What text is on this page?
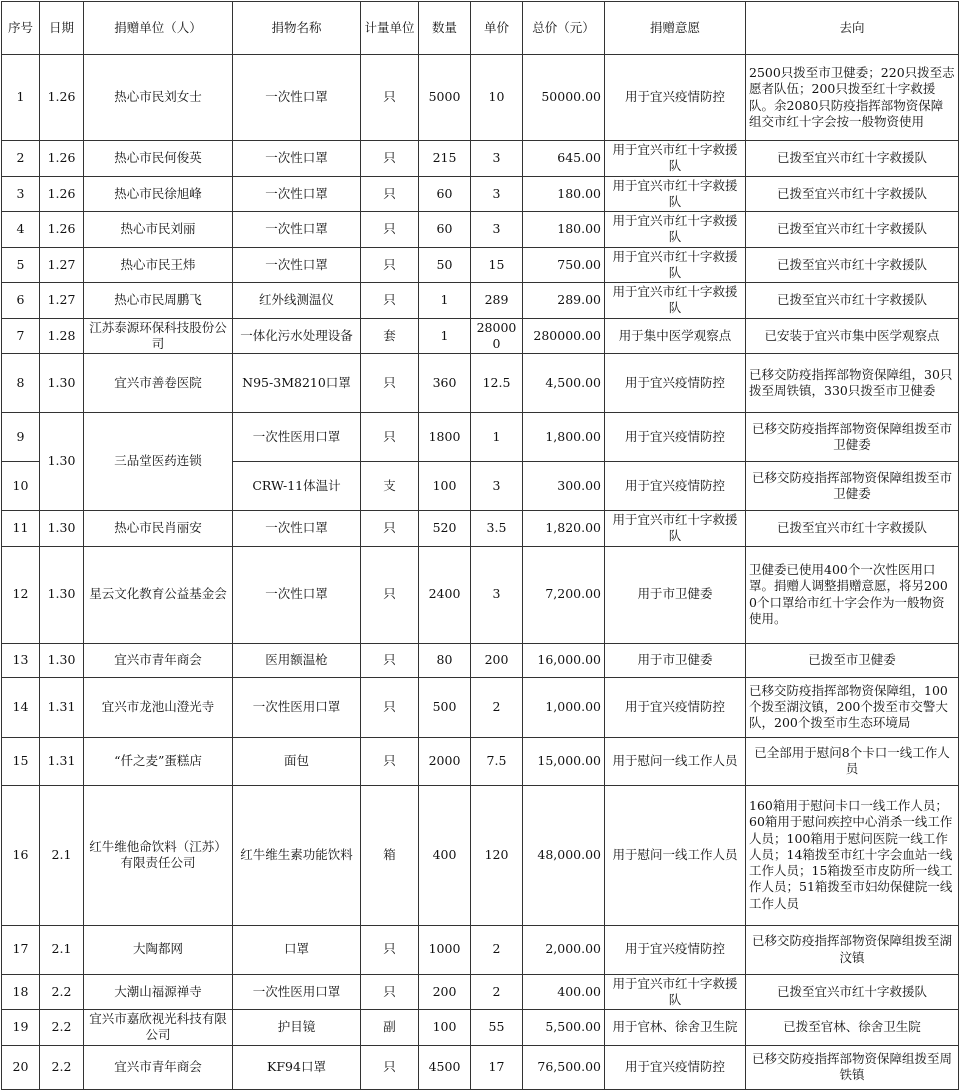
序号	日期	捐赠单位（人）	捐物名称	计量单位	数量	单价	总价（元）	捐赠意愿	去向
1	1.26	热心市民刘女士	一次性口罩	只	5000	10	50000.00	用于宜兴疫情防控	2500只拨至市卫健委；220只拨至志愿者队伍；200只拨至红十字救援队。余2080只防疫指挥部物资保障组交市红十字会按一般物资使用
2	1.26	热心市民何俊英	一次性口罩	只	215	3	645.00	用于宜兴市红十字救援队	已拨至宜兴市红十字救援队
3	1.26	热心市民徐旭峰	一次性口罩	只	60	3	180.00	用于宜兴市红十字救援队	已拨至宜兴市红十字救援队
4	1.26	热心市民刘丽	一次性口罩	只	60	3	180.00	用于宜兴市红十字救援队	已拨至宜兴市红十字救援队
5	1.27	热心市民王炜	一次性口罩	只	50	15	750.00	用于宜兴市红十字救援队	已拨至宜兴市红十字救援队
6	1.27	热心市民周鹏飞	红外线测温仪	只	1	289	289.00	用于宜兴市红十字救援队	已拨至宜兴市红十字救援队
7	1.28	江苏泰源环保科技股份公司	一体化污水处理设备	套	1	280000	280000.00	用于集中医学观察点	已安装于宜兴市集中医学观察点
8	1.30	宜兴市善卷医院	N95-3M8210口罩	只	360	12.5	4,500.00	用于宜兴疫情防控	已移交防疫指挥部物资保障组，30只拨至周铁镇，330只拨至市卫健委
9	1.30	三品堂医药连锁	一次性医用口罩	只	1800	1	1,800.00	用于宜兴疫情防控	已移交防疫指挥部物资保障组拨至市卫健委
10			CRW-11体温计	支	100	3	300.00	用于宜兴疫情防控	已移交防疫指挥部物资保障组拨至市卫健委
11	1.30	热心市民肖丽安	一次性口罩	只	520	3.5	1,820.00	用于宜兴市红十字救援队	已拨至宜兴市红十字救援队
12	1.30	星云文化教育公益基金会	一次性口罩	只	2400	3	7,200.00	用于市卫健委	卫健委已使用400个一次性医用口罩。捐赠人调整捐赠意愿，将另2000个口罩给市红十字会作为一般物资使用。
13	1.30	宜兴市青年商会	医用额温枪	只	80	200	16,000.00	用于市卫健委	已拨至市卫健委
14	1.31	宜兴市龙池山澄光寺	一次性医用口罩	只	500	2	1,000.00	用于宜兴疫情防控	已移交防疫指挥部物资保障组，100个拨至湖汶镇，200个拨至市交警大队，200个拨至市生态环境局
15	1.31	“仟之麦”蛋糕店	面包	只	2000	7.5	15,000.00	用于慰问一线工作人员	已全部用于慰问8个卡口一线工作人员
16	2.1	红牛维他命饮料（江苏）有限责任公司	红牛维生素功能饮料	箱	400	120	48,000.00	用于慰问一线工作人员	160箱用于慰问卡口一线工作人员；60箱用于慰问疾控中心消杀一线工作人员；100箱用于慰问医院一线工作人员；14箱拨至市红十字会血站一线工作人员；15箱拨至市皮防所一线工作人员；51箱拨至市妇幼保健院一线工作人员
17	2.1	大陶都网	口罩	只	1000	2	2,000.00	用于宜兴疫情防控	已移交防疫指挥部物资保障组拨至湖汶镇
18	2.2	大潮山福源禅寺	一次性医用口罩	只	200	2	400.00	用于宜兴市红十字救援队	已拨至宜兴市红十字救援队
19	2.2	宜兴市嘉欣视光科技有限公司	护目镜	副	100	55	5,500.00	用于官林、徐舍卫生院	已拨至官林、徐舍卫生院
20	2.2	宜兴市青年商会	KF94口罩	只	4500	17	76,500.00	用于宜兴疫情防控	已移交防疫指挥部物资保障组拨至周铁镇
